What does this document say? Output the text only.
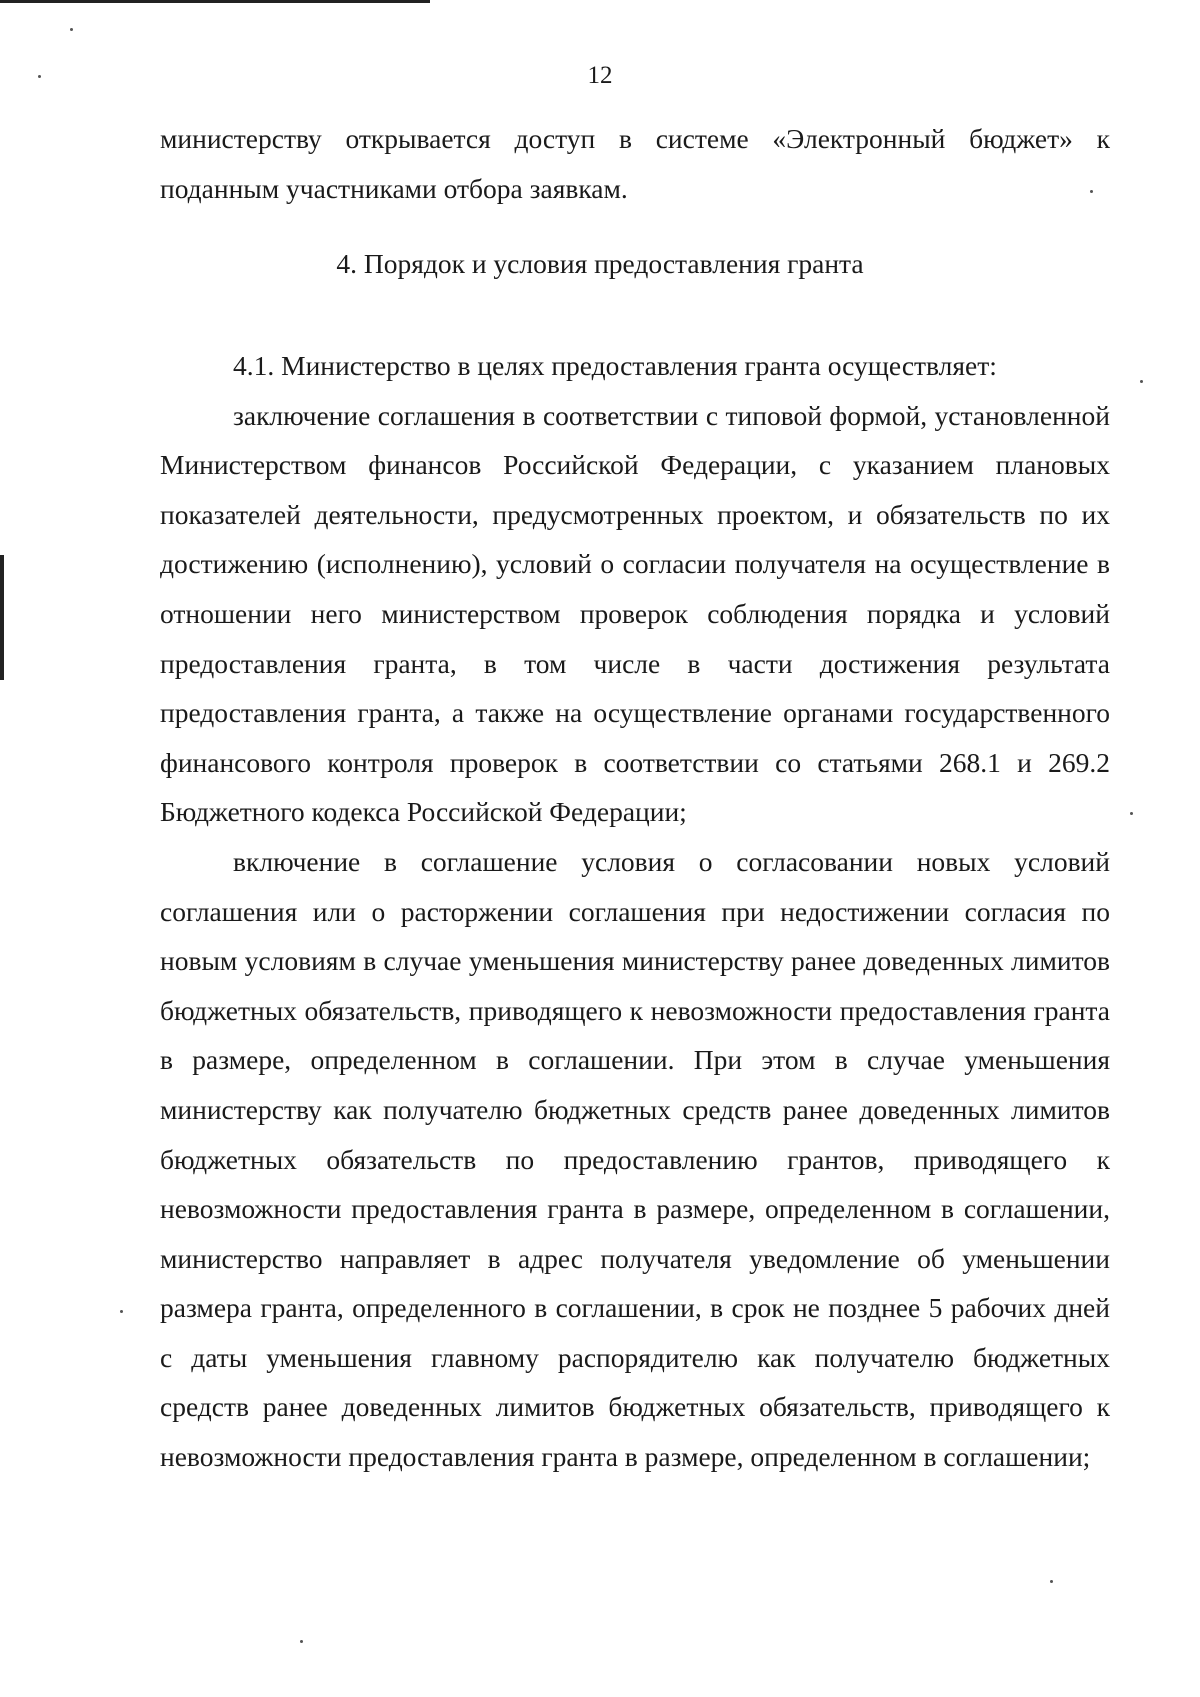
12

министерству открывается доступ в системе «Электронный бюджет» к поданным участниками отбора заявкам.

4. Порядок и условия предоставления гранта

4.1. Министерство в целях предоставления гранта осуществляет:

заключение соглашения в соответствии с типовой формой, установленной Министерством финансов Российской Федерации, с указанием плановых показателей деятельности, предусмотренных проектом, и обязательств по их достижению (исполнению), условий о согласии получателя на осуществление в отношении него министерством проверок соблюдения порядка и условий предоставления гранта, в том числе в части достижения результата предоставления гранта, а также на осуществление органами государственного финансового контроля проверок в соответствии со статьями 268.1 и 269.2 Бюджетного кодекса Российской Федерации;

включение в соглашение условия о согласовании новых условий соглашения или о расторжении соглашения при недостижении согласия по новым условиям в случае уменьшения министерству ранее доведенных лимитов бюджетных обязательств, приводящего к невозможности предоставления гранта в размере, определенном в соглашении. При этом в случае уменьшения министерству как получателю бюджетных средств ранее доведенных лимитов бюджетных обязательств по предоставлению грантов, приводящего к невозможности предоставления гранта в размере, определенном в соглашении, министерство направляет в адрес получателя уведомление об уменьшении размера гранта, определенного в соглашении, в срок не позднее 5 рабочих дней с даты уменьшения главному распорядителю как получателю бюджетных средств ранее доведенных лимитов бюджетных обязательств, приводящего к невозможности предоставления гранта в размере, определенном в соглашении;
